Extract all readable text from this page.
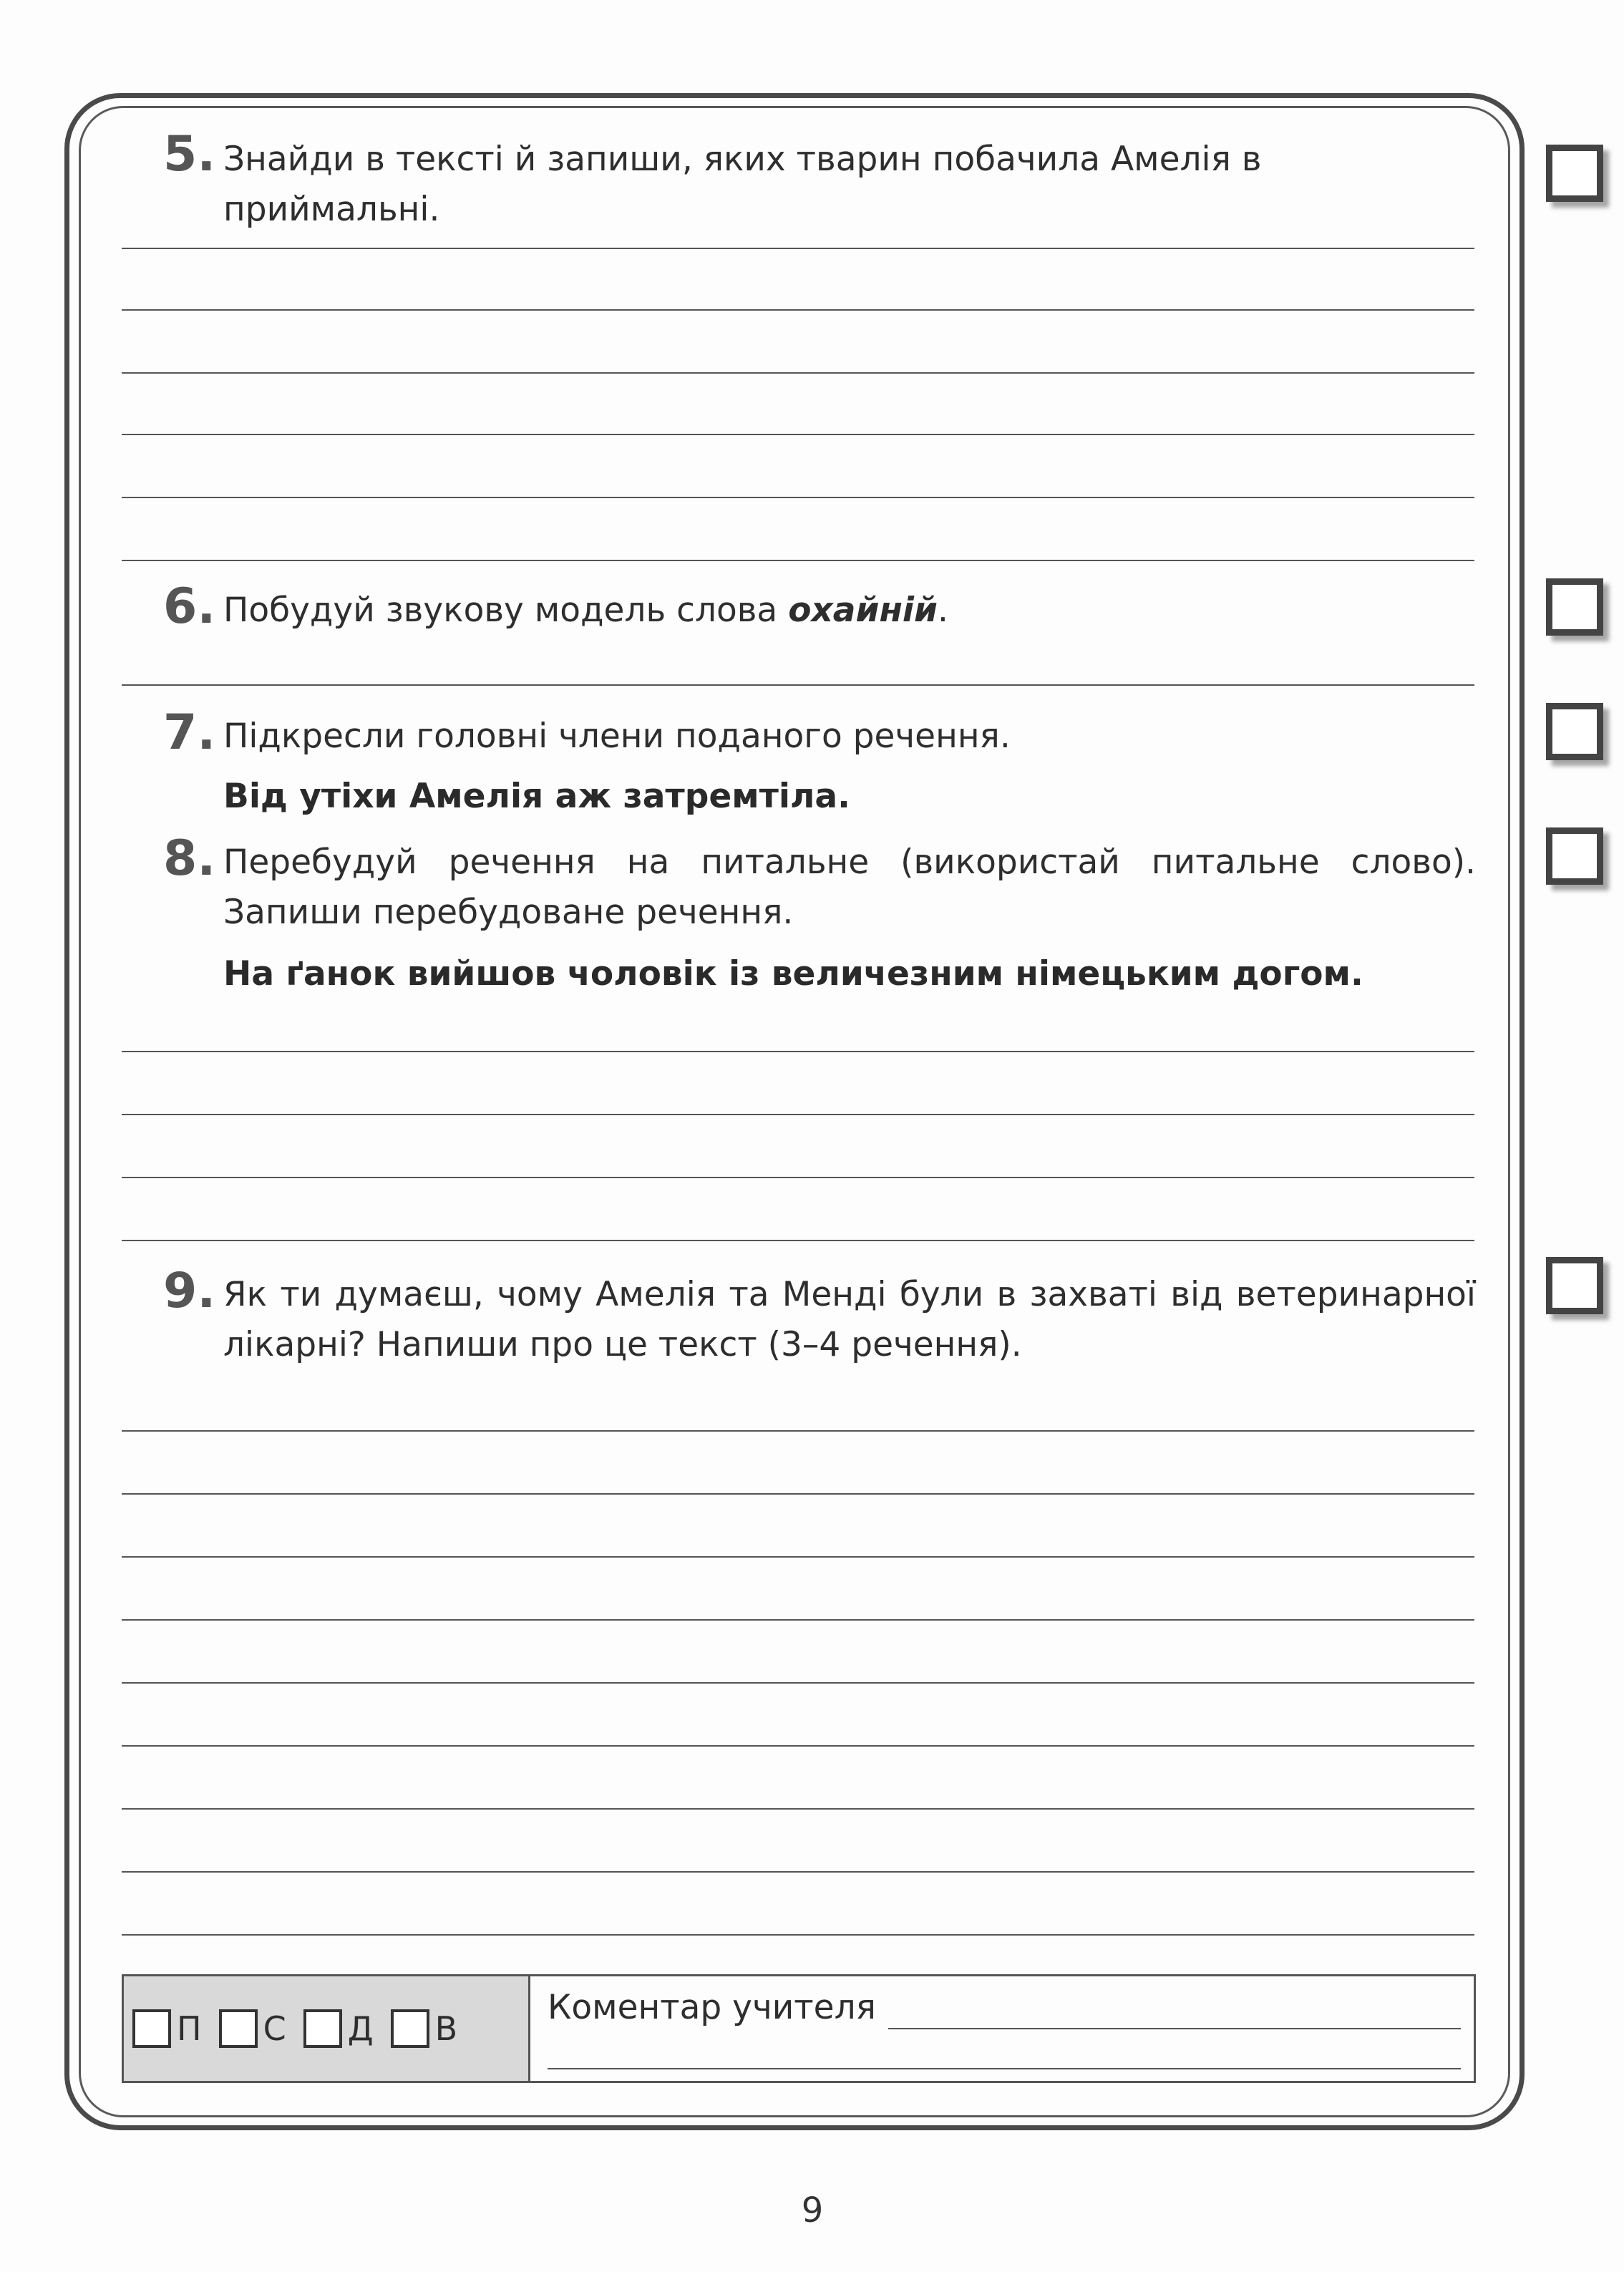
5. Знайди в тексті й запиши, яких тварин побачила Амелія в приймальні.
6. Побудуй звукову модель слова охайній.
7. Підкресли головні члени поданого речення.
Від утіхи Амелія аж затремтіла.
8. Перебудуй речення на питальне (використай питальне слово). Запиши перебудоване речення.
На ґанок вийшов чоловік із величезним німецьким догом.
9. Як ти думаєш, чому Амелія та Менді були в захваті від ветеринарної лікарні? Напиши про це текст (3–4 речення).
П С Д В
Коментар учителя
9
